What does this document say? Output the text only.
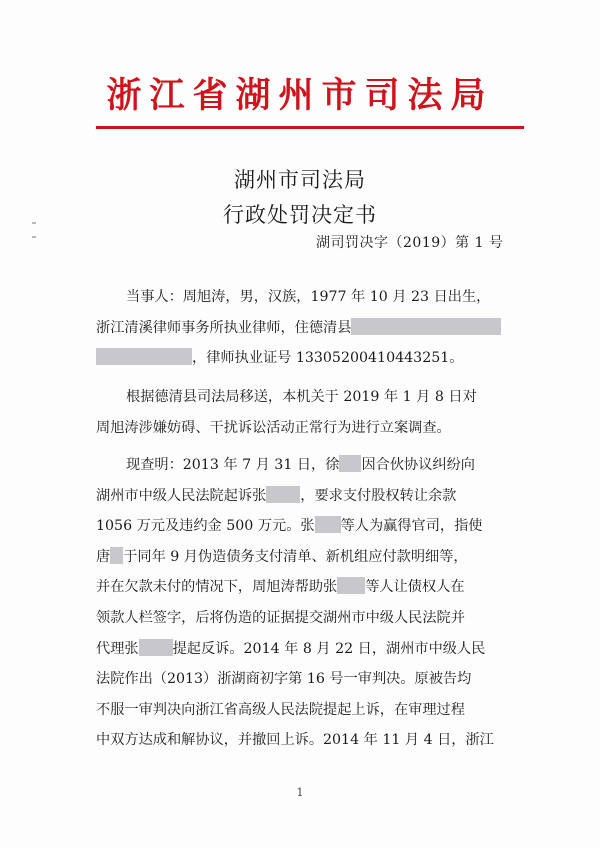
浙江省湖州市司法局
湖州市司法局
行政处罚决定书
湖司罚决字（2019）第 1 号
当事人：周旭涛，男，汉族，1977 年 10 月 23 日出生，
浙江清溪律师事务所执业律师，住德清县
，律师执业证号 13305200410443251。
根据德清县司法局移送，本机关于 2019 年 1 月 8 日对
周旭涛涉嫌妨碍、干扰诉讼活动正常行为进行立案调查。
现查明：2013 年 7 月 31 日，徐 因合伙协议纠纷向
湖州市中级人民法院起诉张 ，要求支付股权转让余款
1056 万元及违约金 500 万元。张 等人为赢得官司，指使
唐 于同年 9 月伪造债务支付清单、新机组应付款明细等，
并在欠款未付的情况下，周旭涛帮助张 等人让债权人在
领款人栏签字，后将伪造的证据提交湖州市中级人民法院并
代理张 提起反诉。2014 年 8 月 22 日，湖州市中级人民
法院作出（2013）浙湖商初字第 16 号一审判决。原被告均
不服一审判决向浙江省高级人民法院提起上诉，在审理过程
中双方达成和解协议，并撤回上诉。2014 年 11 月 4 日，浙江
1
